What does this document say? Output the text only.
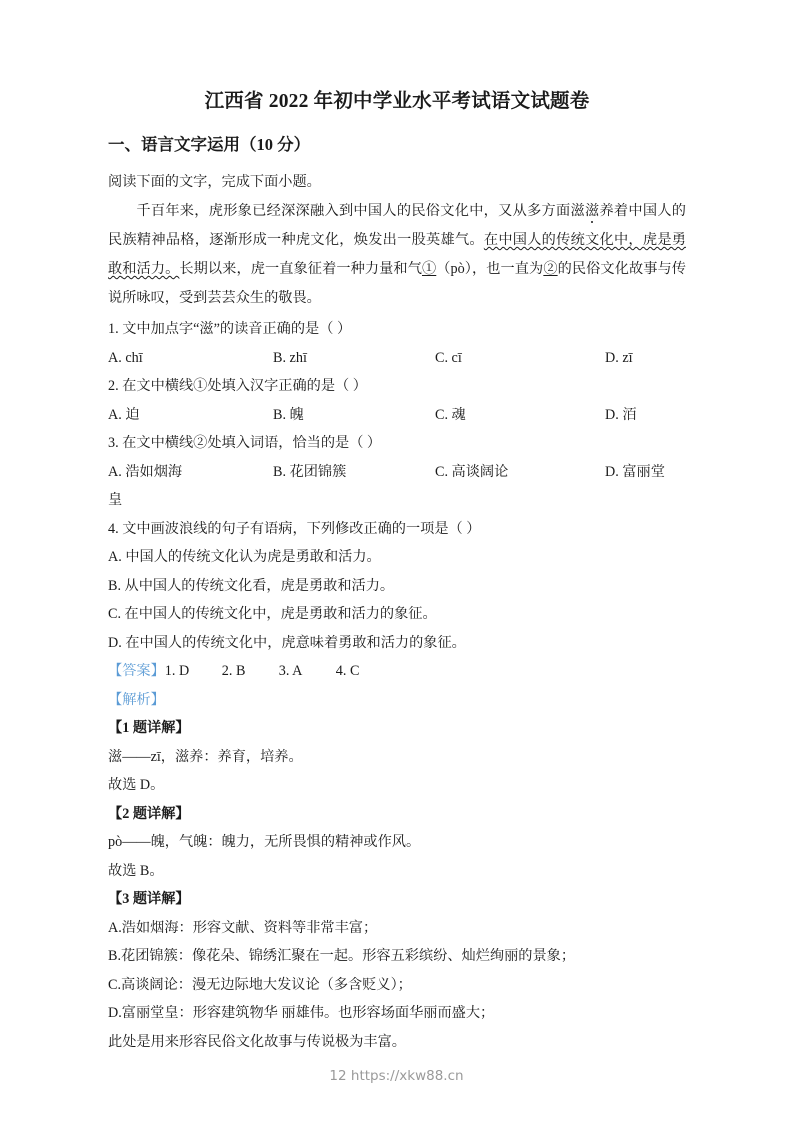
江西省 2022 年初中学业水平考试语文试题卷
一、语言文字运用（10 分）

阅读下面的文字，完成下面小题。

千百年来，虎形象已经深深融入到中国人的民俗文化中，又从多方面滋滋养着中国人的民族精神品格，逐渐形成一种虎文化，焕发出一股英雄气。在中国人的传统文化中，虎是勇敢和活力。长期以来，虎一直象征着一种力量和气①（pò），也一直为②的民俗文化故事与传说所咏叹，受到芸芸众生的敬畏。

1. 文中加点字“滋”的读音正确的是（ ）

A. chī	B. zhī	C. cī	D. zī

2. 在文中横线①处填入汉字正确的是（ ）

A. 迫	B. 魄	C. 魂	D. 洦

3. 在文中横线②处填入词语，恰当的是（ ）

A. 浩如烟海	B. 花团锦簇	C. 高谈阔论	D. 富丽堂

皇

4. 文中画波浪线的句子有语病，下列修改正确的一项是（ ）

A. 中国人的传统文化认为虎是勇敢和活力。

B. 从中国人的传统文化看，虎是勇敢和活力。

C. 在中国人的传统文化中，虎是勇敢和活力的象征。

D. 在中国人的传统文化中，虎意味着勇敢和活力的象征。

【答案】1. D 2. B 3. A 4. C

【解析】

【1 题详解】

滋——zī，滋养：养育，培养。

故选 D。

【2 题详解】

pò——魄，气魄：魄力，无所畏惧的精神或作风。

故选 B。

【3 题详解】

A.浩如烟海：形容文献、资料等非常丰富；

B.花团锦簇：像花朵、锦绣汇聚在一起。形容五彩缤纷、灿烂绚丽的景象；

C.高谈阔论：漫无边际地大发议论（多含贬义）；

D.富丽堂皇：形容建筑物华 丽雄伟。也形容场面华丽而盛大；

此处是用来形容民俗文化故事与传说极为丰富。

12 https://xkw88.cn
